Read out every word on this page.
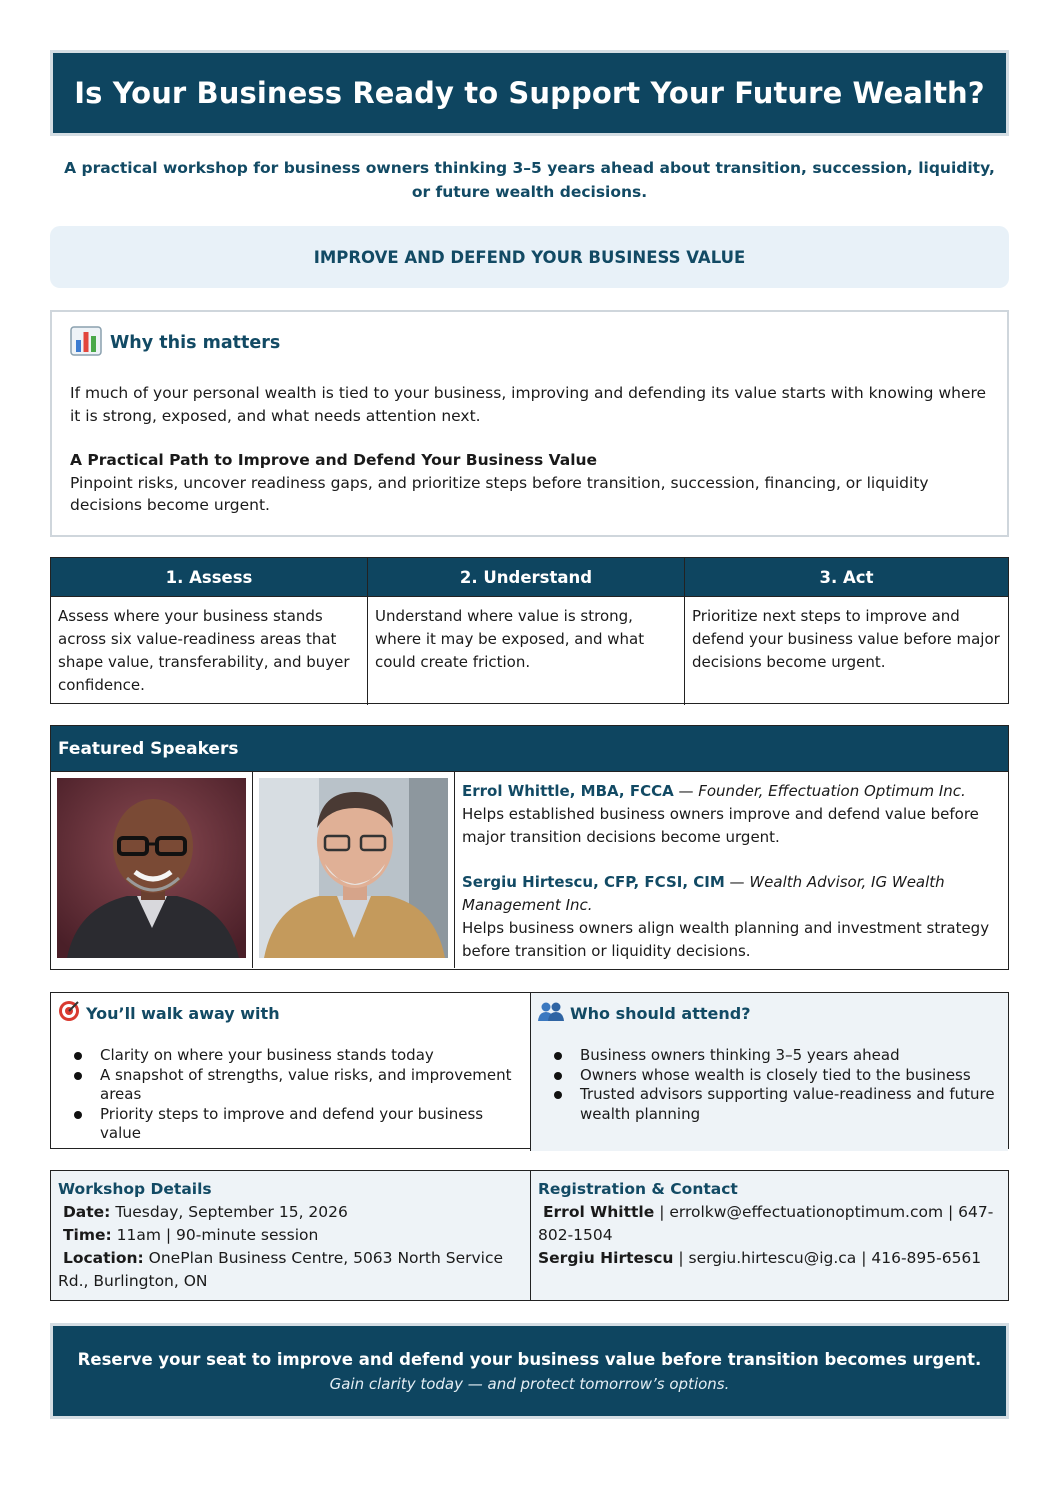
Is Your Business Ready to Support Your Future Wealth?

A practical workshop for business owners thinking 3–5 years ahead about transition, succession, liquidity, or future wealth decisions.

IMPROVE AND DEFEND YOUR BUSINESS VALUE
Why this matters

If much of your personal wealth is tied to your business, improving and defending its value starts with knowing where it is strong, exposed, and what needs attention next.

A Practical Path to Improve and Defend Your Business Value

Pinpoint risks, uncover readiness gaps, and prioritize steps before transition, succession, financing, or liquidity decisions become urgent.

1. Assess
Assess where your business stands across six value-readiness areas that shape value, transferability, and buyer confidence.
2. Understand
Understand where value is strong, where it may be exposed, and what could create friction.
3. Act
Prioritize next steps to improve and defend your business value before major decisions become urgent.
Featured Speakers
Errol Whittle, MBA, FCCA — Founder, Effectuation Optimum Inc.
Helps established business owners improve and defend value before major transition decisions become urgent.
Sergiu Hirtescu, CFP, FCSI, CIM — Wealth Advisor, IG Wealth Management Inc.
Helps business owners align wealth planning and investment strategy before transition or liquidity decisions.
You’ll walk away with
Clarity on where your business stands today
A snapshot of strengths, value risks, and improvement areas
Priority steps to improve and defend your business value
Who should attend?
Business owners thinking 3–5 years ahead
Owners whose wealth is closely tied to the business
Trusted advisors supporting value-readiness and future wealth planning
Workshop Details
Date: Tuesday, September 15, 2026
Time: 11am | 90-minute session
Location: OnePlan Business Centre, 5063 North Service Rd., Burlington, ON
Registration & Contact
Errol Whittle | errolkw@effectuationoptimum.com | 647-802-1504
Sergiu Hirtescu | sergiu.hirtescu@ig.ca | 416-895-6561
Reserve your seat to improve and defend your business value before transition becomes urgent.
Gain clarity today — and protect tomorrow’s options.
